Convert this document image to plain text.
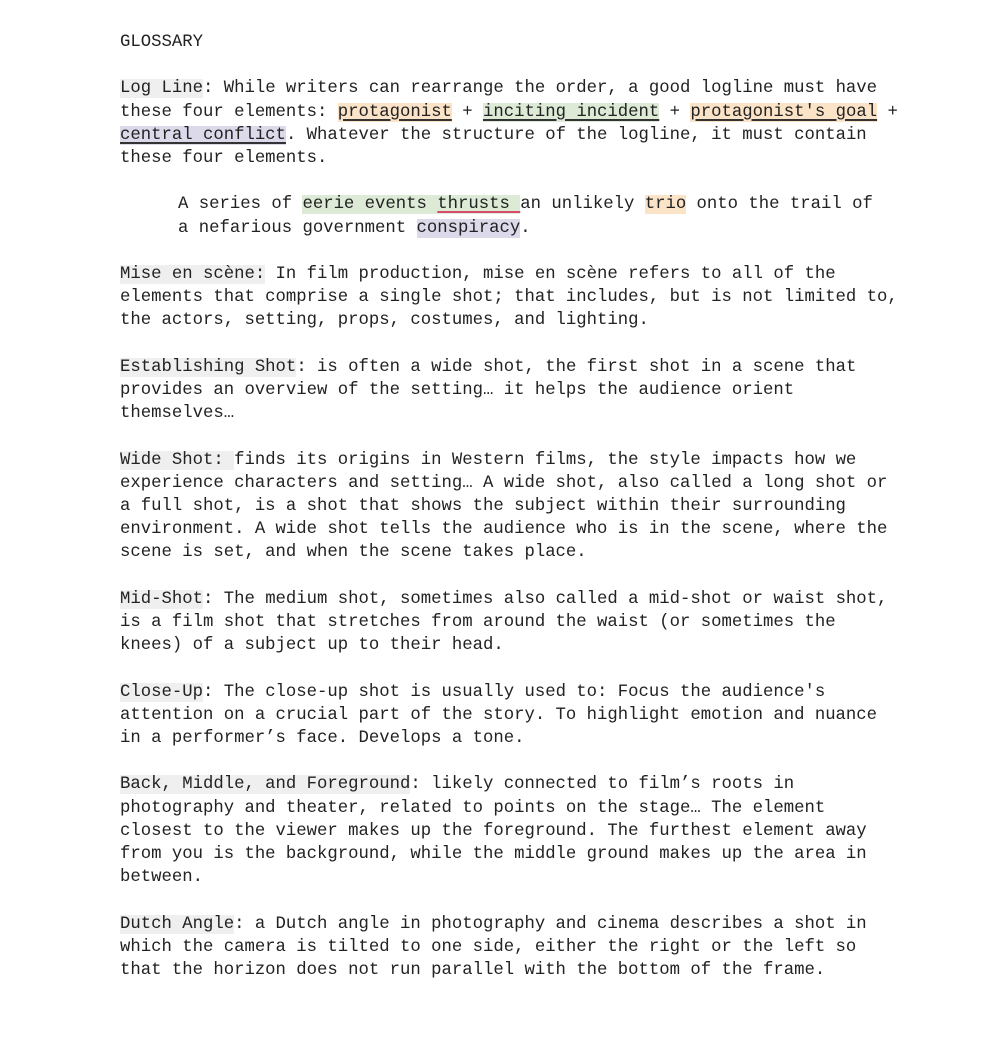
GLOSSARY
Log Line: While writers can rearrange the order, a good logline must have these four elements: protagonist + inciting incident + protagonist's goal + central conflict. Whatever the structure of the logline, it must contain these four elements.
A series of eerie events thrusts an unlikely trio onto the trail of a nefarious government conspiracy.
Mise en scène: In film production, mise en scène refers to all of the elements that comprise a single shot; that includes, but is not limited to, the actors, setting, props, costumes, and lighting.
Establishing Shot: is often a wide shot, the first shot in a scene that provides an overview of the setting… it helps the audience orient themselves…
Wide Shot: finds its origins in Western films, the style impacts how we experience characters and setting… A wide shot, also called a long shot or a full shot, is a shot that shows the subject within their surrounding environment. A wide shot tells the audience who is in the scene, where the scene is set, and when the scene takes place.
Mid-Shot: The medium shot, sometimes also called a mid-shot or waist shot, is a film shot that stretches from around the waist (or sometimes the knees) of a subject up to their head.
Close-Up: The close-up shot is usually used to: Focus the audience's attention on a crucial part of the story. To highlight emotion and nuance in a performer’s face. Develops a tone.
Back, Middle, and Foreground: likely connected to film’s roots in photography and theater, related to points on the stage… The element closest to the viewer makes up the foreground. The furthest element away from you is the background, while the middle ground makes up the area in between.
Dutch Angle: a Dutch angle in photography and cinema describes a shot in which the camera is tilted to one side, either the right or the left so that the horizon does not run parallel with the bottom of the frame.
